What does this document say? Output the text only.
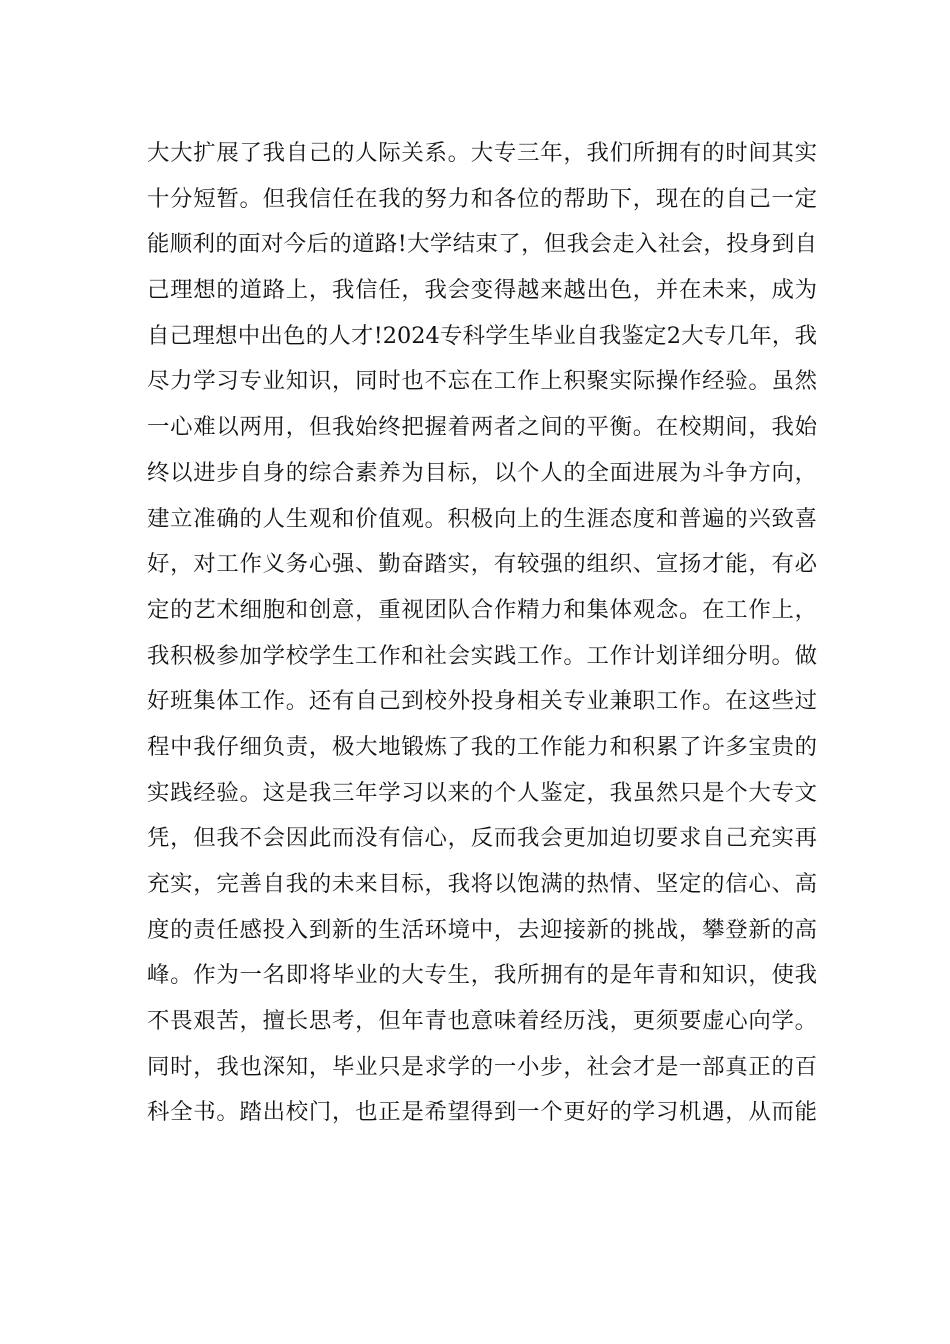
大大扩展了我自己的人际关系。大专三年，我们所拥有的时间其实
十分短暂。但我信任在我的努力和各位的帮助下，现在的自己一定
能顺利的面对今后的道路!大学结束了，但我会走入社会，投身到自
己理想的道路上，我信任，我会变得越来越出色，并在未来，成为
自己理想中出色的人才!2024专科学生毕业自我鉴定2大专几年，我
尽力学习专业知识，同时也不忘在工作上积聚实际操作经验。虽然
一心难以两用，但我始终把握着两者之间的平衡。在校期间，我始
终以进步自身的综合素养为目标，以个人的全面进展为斗争方向，
建立准确的人生观和价值观。积极向上的生涯态度和普遍的兴致喜
好，对工作义务心强、勤奋踏实，有较强的组织、宣扬才能，有必
定的艺术细胞和创意，重视团队合作精力和集体观念。在工作上，
我积极参加学校学生工作和社会实践工作。工作计划详细分明。做
好班集体工作。还有自己到校外投身相关专业兼职工作。在这些过
程中我仔细负责，极大地锻炼了我的工作能力和积累了许多宝贵的
实践经验。这是我三年学习以来的个人鉴定，我虽然只是个大专文
凭，但我不会因此而没有信心，反而我会更加迫切要求自己充实再
充实，完善自我的未来目标，我将以饱满的热情、坚定的信心、高
度的责任感投入到新的生活环境中，去迎接新的挑战，攀登新的高
峰。作为一名即将毕业的大专生，我所拥有的是年青和知识，使我
不畏艰苦，擅长思考，但年青也意味着经历浅，更须要虚心向学。
同时，我也深知，毕业只是求学的一小步，社会才是一部真正的百
科全书。踏出校门，也正是希望得到一个更好的学习机遇，从而能
